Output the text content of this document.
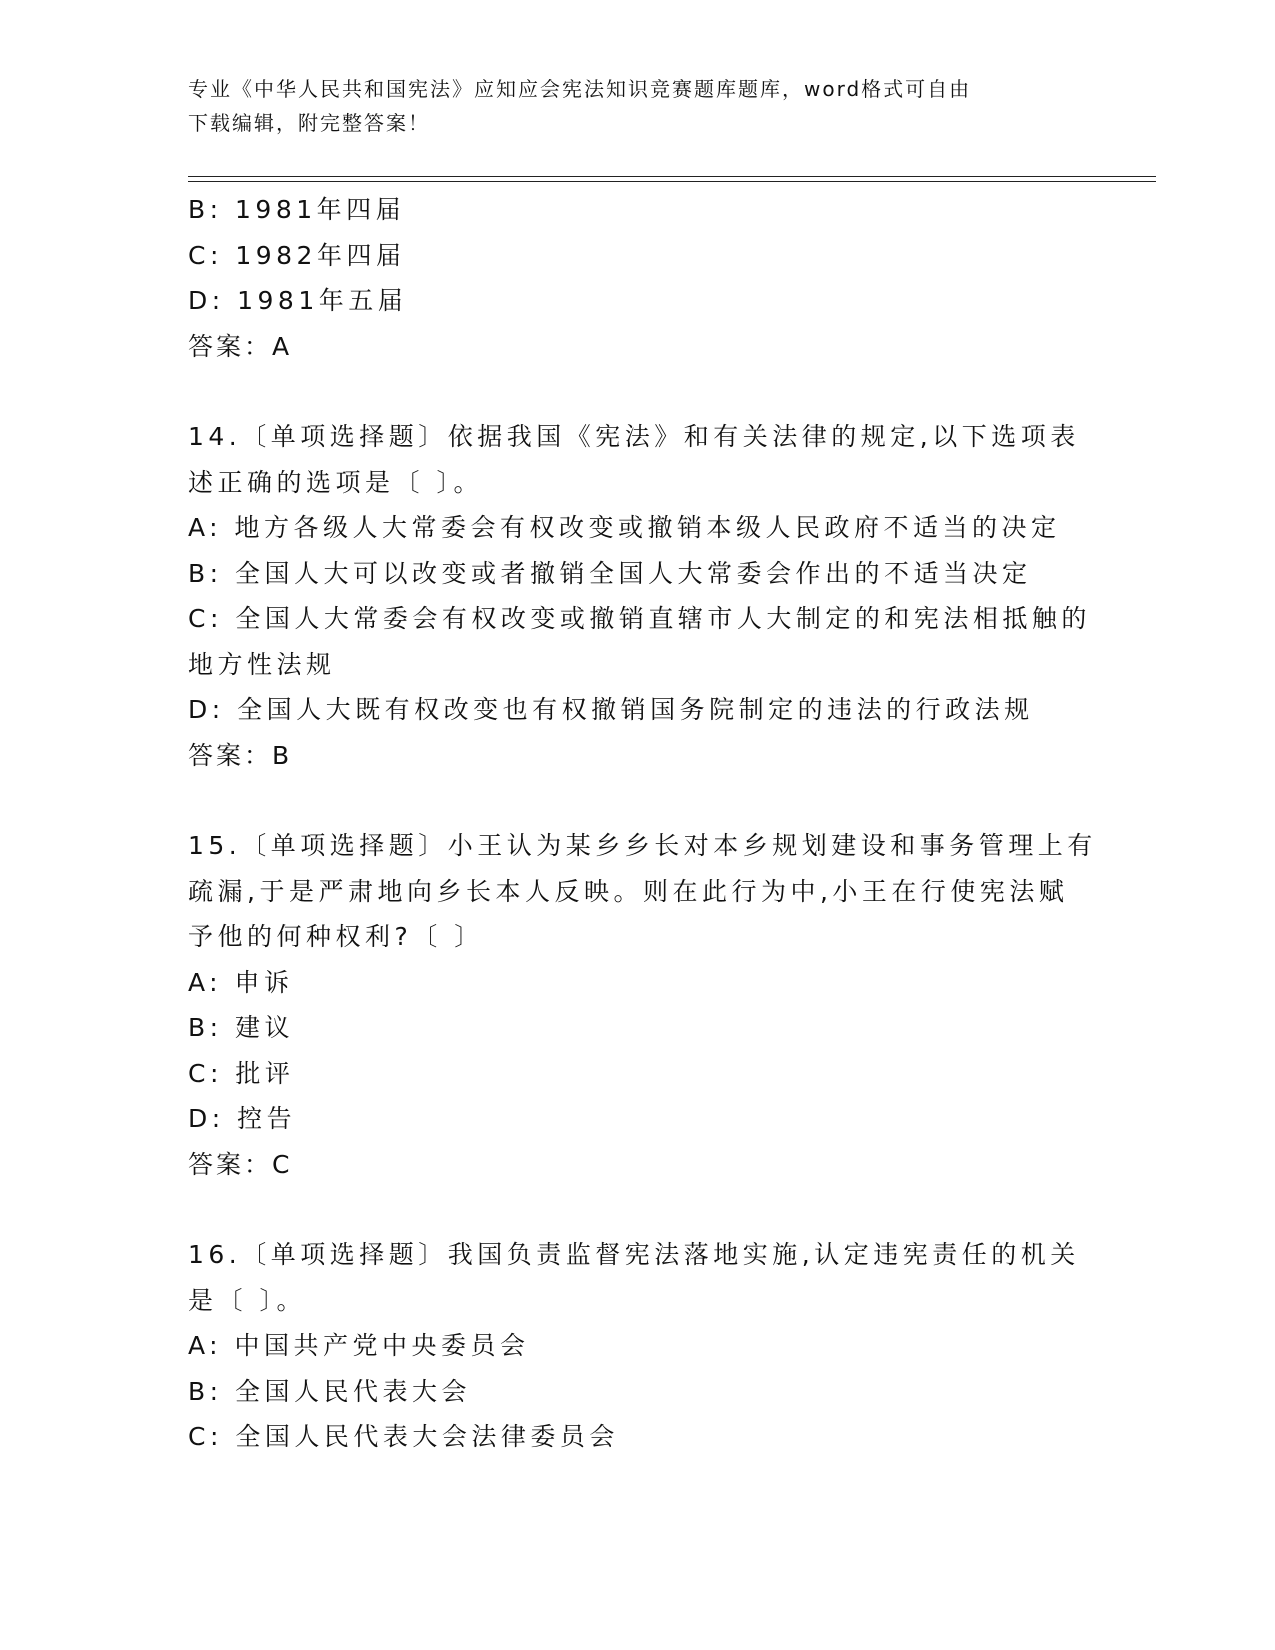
专业《中华人民共和国宪法》应知应会宪法知识竞赛题库题库，word格式可自由
下载编辑，附完整答案！
B: 1981年四届
C: 1982年四届
D: 1981年五届
答案：A
14.〔单项选择题〕依据我国《宪法》和有关法律的规定,以下选项表
述正确的选项是〔 〕。
A: 地方各级人大常委会有权改变或撤销本级人民政府不适当的决定
B: 全国人大可以改变或者撤销全国人大常委会作出的不适当决定
C: 全国人大常委会有权改变或撤销直辖市人大制定的和宪法相抵触的
地方性法规
D: 全国人大既有权改变也有权撤销国务院制定的违法的行政法规
答案：B
15.〔单项选择题〕小王认为某乡乡长对本乡规划建设和事务管理上有
疏漏,于是严肃地向乡长本人反映。则在此行为中,小王在行使宪法赋
予他的何种权利?〔 〕
A: 申诉
B: 建议
C: 批评
D: 控告
答案：C
16.〔单项选择题〕我国负责监督宪法落地实施,认定违宪责任的机关
是〔 〕。
A: 中国共产党中央委员会
B: 全国人民代表大会
C: 全国人民代表大会法律委员会
